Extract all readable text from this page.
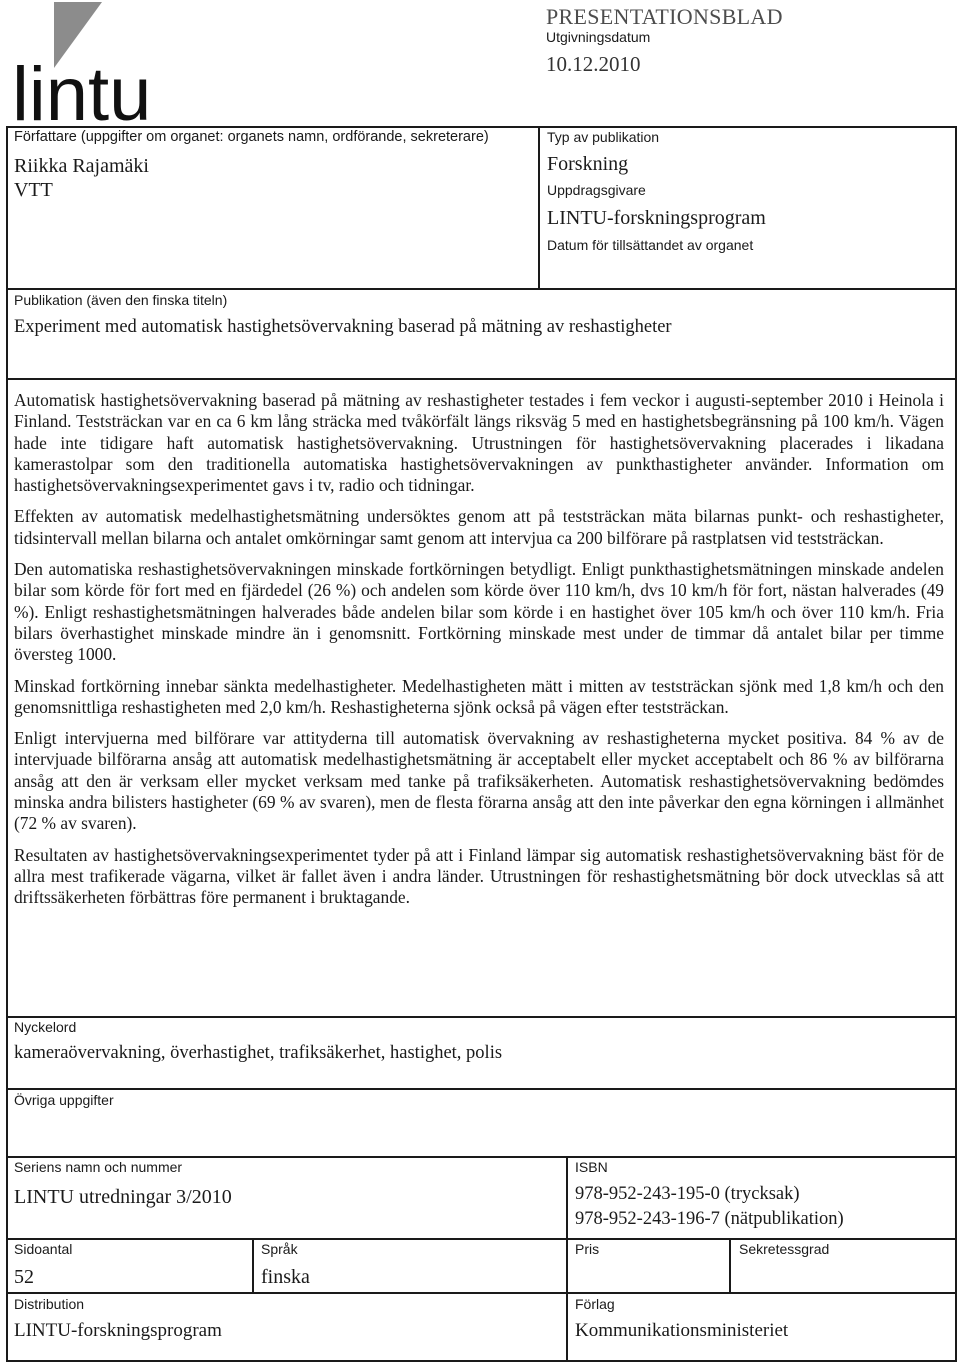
lintu
PRESENTATIONSBLAD
Utgivningsdatum
10.12.2010
Författare (uppgifter om organet: organets namn, ordförande, sekreterare)
Riikka Rajamäki
VTT
Typ av publikation
Forskning
Uppdragsgivare
LINTU-forskningsprogram
Datum för tillsättandet av organet
Publikation (även den finska titeln)
Experiment med automatisk hastighetsövervakning baserad på mätning av reshastigheter

Automatisk hastighetsövervakning baserad på mätning av reshastigheter testades i fem veckor i augusti-september 2010 i Heinola i Finland. Teststräckan var en ca 6 km lång sträcka med tvåkörfält längs riksväg 5 med en hastighetsbegränsning på 100 km/h. Vägen hade inte tidigare haft automatisk hastighetsövervakning. Utrustningen för hastighetsövervakning placerades i likadana kamerastolpar som den traditionella automatiska hastighetsövervakningen av punkthastigheter använder. Information om hastighetsövervakningsexperimentet gavs i tv, radio och tidningar.

Effekten av automatisk medelhastighetsmätning undersöktes genom att på teststräckan mäta bilarnas punkt- och reshastigheter, tidsintervall mellan bilarna och antalet omkörningar samt genom att intervjua ca 200 bilförare på rastplatsen vid teststräckan.

Den automatiska reshastighetsövervakningen minskade fortkörningen betydligt. Enligt punkthastighetsmätningen minskade andelen bilar som körde för fort med en fjärdedel (26 %) och andelen som körde över 110 km/h, dvs 10 km/h för fort, nästan halverades (49 %). Enligt reshastighetsmätningen halverades både andelen bilar som körde i en hastighet över 105 km/h och över 110 km/h. Fria bilars överhastighet minskade mindre än i genomsnitt. Fortkörning minskade mest under de timmar då antalet bilar per timme översteg 1000.

Minskad fortkörning innebar sänkta medelhastigheter. Medelhastigheten mätt i mitten av teststräckan sjönk med 1,8 km/h och den genomsnittliga reshastigheten med 2,0 km/h. Reshastigheterna sjönk också på vägen efter teststräckan.

Enligt intervjuerna med bilförare var attityderna till automatisk övervakning av reshastigheterna mycket positiva. 84 % av de intervjuade bilförarna ansåg att automatisk medelhastighetsmätning är acceptabelt eller mycket acceptabelt och 86 % av bilförarna ansåg att den är verksam eller mycket verksam med tanke på trafiksäkerheten. Automatisk reshastighetsövervakning bedömdes minska andra bilisters hastigheter (69 % av svaren), men de flesta förarna ansåg att den inte påverkar den egna körningen i allmänhet (72 % av svaren).

Resultaten av hastighetsövervakningsexperimentet tyder på att i Finland lämpar sig automatisk reshastighetsövervakning bäst för de allra mest trafikerade vägarna, vilket är fallet även i andra länder. Utrustningen för reshastighetsmätning bör dock utvecklas så att driftssäkerheten förbättras före permanent i bruktagande.

Nyckelord
kameraövervakning, överhastighet, trafiksäkerhet, hastighet, polis
Övriga uppgifter
Seriens namn och nummer
LINTU utredningar 3/2010
ISBN
978-952-243-195-0 (trycksak)
978-952-243-196-7 (nätpublikation)
Sidoantal
52
Språk
finska
Pris	Sekretessgrad
Distribution
LINTU-forskningsprogram
Förlag
Kommunikationsministeriet
